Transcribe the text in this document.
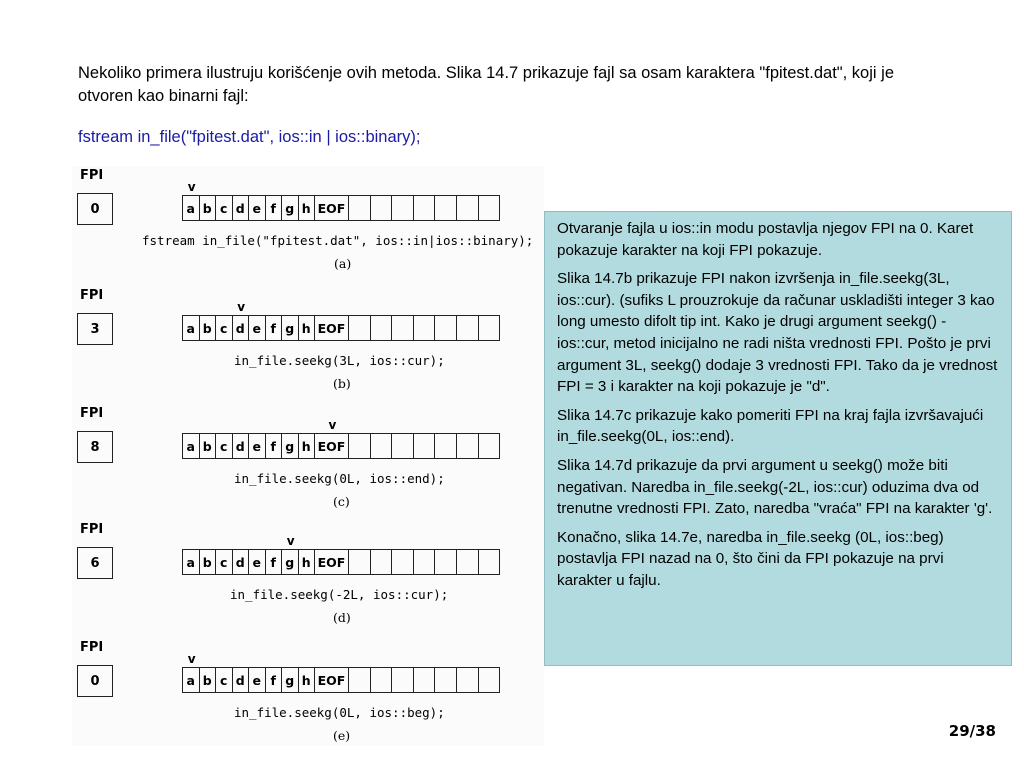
Nekoliko primera ilustruju korišćenje ovih metoda. Slika 14.7 prikazuje fajl sa osam karaktera "fpitest.dat", koji je otvoren kao binarni fajl:
fstream in_file("fpitest.dat", ios::in | ios::binary);
FPI
0
v
a b c d e f g h EOF
fstream in_file("fpitest.dat", ios::in|ios::binary);
(a)
FPI
3
v
a b c d e f g h EOF
in_file.seekg(3L, ios::cur);
(b)
FPI
8
v
a b c d e f g h EOF
in_file.seekg(0L, ios::end);
(c)
FPI
6
v
a b c d e f g h EOF
in_file.seekg(-2L, ios::cur);
(d)
FPI
0
v
a b c d e f g h EOF
in_file.seekg(0L, ios::beg);
(e)

Otvaranje fajla u ios::in modu postavlja njegov FPI na 0. Karet pokazuje karakter na koji FPI pokazuje.

Slika 14.7b prikazuje FPI nakon izvršenja in_file.seekg(3L, ios::cur). (sufiks L prouzrokuje da računar uskladišti integer 3 kao long umesto difolt tip int. Kako je drugi argument seekg() - ios::cur, metod inicijalno ne radi ništa vrednosti FPI. Pošto je prvi argument 3L, seekg() dodaje 3 vrednosti FPI. Tako da je vrednost FPI = 3 i karakter na koji pokazuje je "d".

Slika 14.7c prikazuje kako pomeriti FPI na kraj fajla izvršavajući in_file.seekg(0L, ios::end).

Slika 14.7d prikazuje da prvi argument u seekg() može biti negativan. Naredba in_file.seekg(-2L, ios::cur) oduzima dva od trenutne vrednosti FPI. Zato, naredba "vraća" FPI na karakter 'g'.

Konačno, slika 14.7e, naredba in_file.seekg (0L, ios::beg) postavlja FPI nazad na 0, što čini da FPI pokazuje na prvi karakter u fajlu.

29/38
